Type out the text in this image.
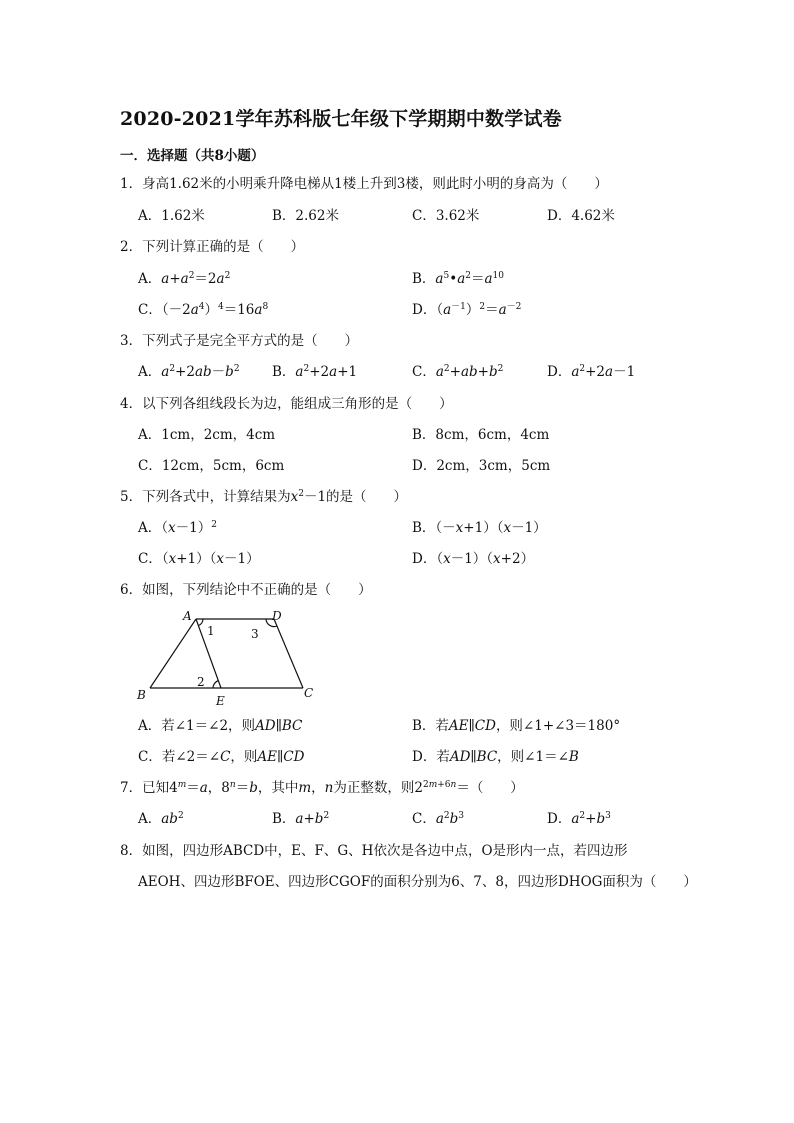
2020-2021学年苏科版七年级下学期期中数学试卷
一．选择题（共8小题）
1．身高1.62米的小明乘升降电梯从1楼上升到3楼，则此时小明的身高为（　　）
A．1.62米	B．2.62米	C．3.62米	D．4.62米
2．下列计算正确的是（　　）
A．$a+a^2=2a^2$	B．$a^5•a^2=a^{10}$
C．$(-2a^4)^4=16a^8$	D．$(a^{-1})^2=a^{-2}$
3．下列式子是完全平方式的是（　　）
A．$a^2+2ab-b^2$ B．$a^2+2a+1$	C．$a^2+ab+b^2$	D．$a^2+2a-1$
4．以下列各组线段长为边，能组成三角形的是（　　）
A．1cm，2cm，4cm	B．8cm，6cm，4cm
C．12cm，5cm，6cm	D．2cm，3cm，5cm
5．下列各式中，计算结果为$x^2-1$的是（　　）
A．$(x-1)^2$	B．（－x+1）（x－1）
C．（x+1）（x－1）	D．（x－1）（x+2）
6．如图，下列结论中不正确的是（　　）
A	D
B	E
C
1	3
2
A．若∠1＝∠2，则AD∥BC	B．若AE∥CD，则∠1+∠3＝180°
C．若∠2＝∠C，则AE∥CD	D．若AD∥BC，则∠1＝∠B
7．已知$4^m=a$，$8^n=b$，其中m，n为正整数，则$2^{2m+6n}=$（　　）
A．$ab^2$	B．$a+b^2$	C．$a^2b^3$	D．$a^2+b^3$
8．如图，四边形ABCD中，E、F、G、H依次是各边中点，O是形内一点，若四边形
AEOH、四边形BFOE、四边形CGOF的面积分别为6、7、8，四边形DHOG面积为（　　）
